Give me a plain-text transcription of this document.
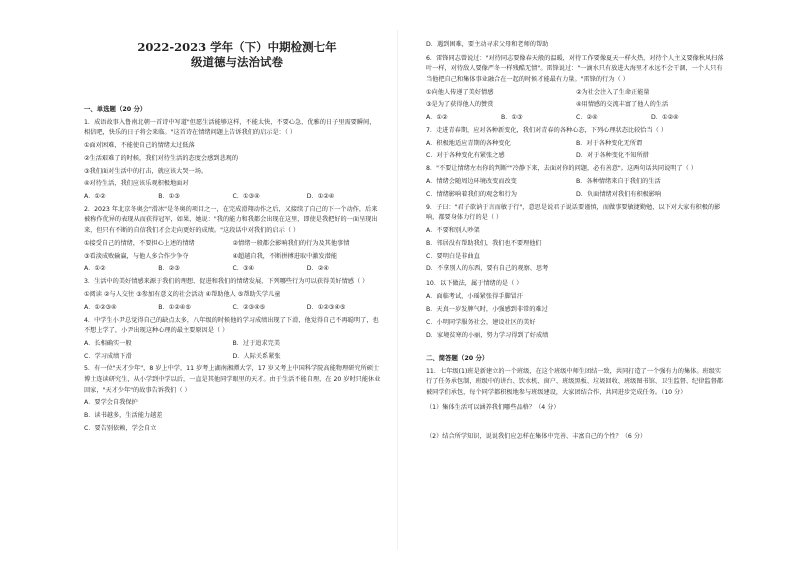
2022-2023 学年（下）中期检测七年
级道德与法治试卷
一、单选题（20 分）

1．成语故事入鲁南北朝一首诗中写道"但愿生活能够这样，不能太快，不要心急，优雅的日子里需要瞬间，相信吧，快乐的日子将会来临。"这首诗在情绪问题上告诉我们的启示是：（ ）

①面对困难，不能使自己的情绪太过低落

②生活艰难了的时候，我们对待生活的态度会感到悲观的

③我们面对生活中的打击，就应该大哭一场。

④对待生活，我们应该乐观积极地面对

A．①②	B．①③	C．①③④	D．①②④

2．2023 年北京冬奥会"滑冰"是冬奥的项目之一，在完成滑翔动作之后，又接续了自己的下一个动作，后来被称作优异的表现从而获得冠军，如果，她说："我的能力和我都会出现在这里，即使是我把好的一面呈现出来，但只有不断的自信我们才会走向更好的成绩。"这段话中对我们的启示（ ）

①接受自己的情绪，不要担心上述的情绪	②情绪一般都会影响我们的行为及其他事情
③看淡成败输赢，与他人多合作少争夺	④超越自我，不断拼搏进取中激发潜能
A．①②	B．②③	C．③④	D．②④

3．生活中的美好情感来源于我们的理想、促进和我们的情绪发展，下列哪些行为可以获得美好情感（ ）

①阅读 ②与人交往 ③参加有意义的社会活动 ④帮助他人 ⑤帮助失学儿童

A．①②③④	B．①②④⑤	C．②③④⑤	D．①②③④⑤

4．中学生小尹总觉得自己的缺点太多，八年级的时候他的学习成绩出现了下滑，他觉得自己不再聪明了，也不想上学了，小尹出现这种心理的最主要原因是（ ）

A．长相确实一般	B．过于追求完美
C．学习成绩下滑	D．人际关系紧张

5．有一位"天才少年"，8 岁上中学，11 岁考上湖南湘潭大学，17 岁又考上中国科学院高能物理研究所硕士博士连读研究生，从小学到中学以后，一直是其他同学眼里的天才。由于生活不能自理，在 20 岁时只能休业回家，"天才少年"的故事告诉我们（ ）

A．要学会自我保护

B．读书越多，生活能力越差

C．要告别依赖，学会自立

D．遇到困难，要主动寻求父母和老师的帮助

6．雷锋同志曾说过："对待同志要像春天般的温暖，对待工作要像夏天一样火热，对待个人主义要像秋风扫落叶一样，对待敌人要像严冬一样残酷无情"。雷锋说过："一滴水只有放进大海里才永远不会干涸，一个人只有当他把自己和集体事业融合在一起的时候才能最有力量。"雷锋的行为（ ）

①向他人传递了美好情感	②为社会注入了生命正能量
③是为了获得他人的赞赏	④用情感的交流丰富了他人的生活
A．①②	B．①③	C．②④	D．①②④

7．走进青春期，应对各种新变化，我们对青春的各种心态，下列心理状态比较恰当（ ）

A．积极地适应青期的各种变化	B．对于各种变化无所谓
C．对于各种变化有紧张之感	D．对于各种变化不知所措

8．"不要让情绪左右你的判断""冷静下来，去面对你的问题，必有善意"。这两句话共同说明了（ ）

A．情绪会随周边环境改变而改变	B．各种情绪来自于我们的生活
C．情绪影响着我们的观念和行为	D．负面情绪对我们有积极影响

9．子曰："君子欲讷于言而敏于行"，意思是说君子说话要谨慎，而做事要敏捷勤勉，以下对大家有积极的影响，都要身体力行的是（ ）

A．不要和别人吵架

B．邻居没有帮助我们，我们也不要理他们

C．要明白是非曲直

D．不拿别人的东西，要有自己的观察、思考

10．以下做法，属于情绪的是（ ）

A．面临考试，小瑶紧张得手脚冒汗

B．天真一岁发脾气时，小强感到非常的难过

C．小明同学服务社会，建设社区的美好

D．家境贫寒的小丽，努力学习得到了好成绩

二、简答题（20 分）

11．七年级(1)班是新建立的一个班级，在这个班级中师生团结一致，共同打造了一个强有力的集体。班级实行了任务承包制，班级中的讲台、饮水机、窗户、班级黑板、垃圾回收、班级图书馆、卫生监督、纪律监督都被同学们承包，每个同学都积极地参与班级建设，大家团结合作，共同进步完成任务。（10 分）

（1）集体生活可以涵养我们哪些品格？（4 分）

（2）结合所学知识，说说我们应怎样在集体中完善、丰富自己的个性？（6 分）
